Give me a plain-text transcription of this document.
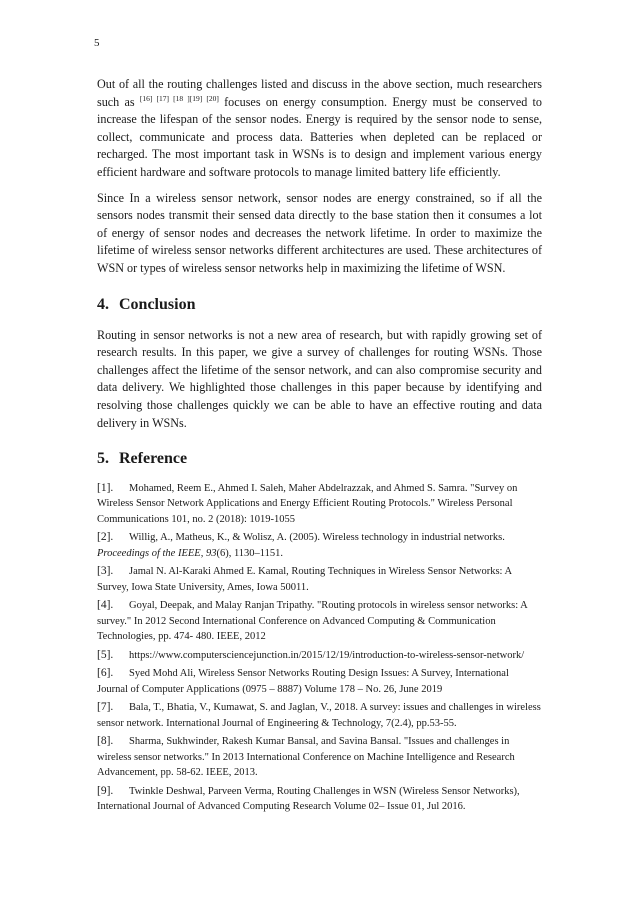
5

Out of all the routing challenges listed and discuss in the above section, much researchers such as [16] [17] [18 ][19] [20] focuses on energy consumption. Energy must be conserved to increase the lifespan of the sensor nodes. Energy is required by the sensor node to sense, collect, communicate and process data. Batteries when depleted can be replaced or recharged. The most important task in WSNs is to design and implement various energy efficient hardware and software protocols to manage limited battery life efficiently.

Since In a wireless sensor network, sensor nodes are energy constrained, so if all the sensors nodes transmit their sensed data directly to the base station then it consumes a lot of energy of sensor nodes and decreases the network lifetime. In order to maximize the lifetime of wireless sensor networks different architectures are used. These architectures of WSN or types of wireless sensor networks help in maximizing the lifetime of WSN.

4. Conclusion

Routing in sensor networks is not a new area of research, but with rapidly growing set of research results. In this paper, we give a survey of challenges for routing WSNs. Those challenges affect the lifetime of the sensor network, and can also compromise security and data delivery. We highlighted those challenges in this paper because by identifying and resolving those challenges quickly we can be able to have an effective routing and data delivery in WSNs.

5. Reference
[1]. Mohamed, Reem E., Ahmed I. Saleh, Maher Abdelrazzak, and Ahmed S. Samra. "Survey on Wireless Sensor Network Applications and Energy Efficient Routing Protocols." Wireless Personal Communications 101, no. 2 (2018): 1019-1055
[2]. Willig, A., Matheus, K., & Wolisz, A. (2005). Wireless technology in industrial networks. Proceedings of the IEEE, 93(6), 1130–1151.
[3]. Jamal N. Al-Karaki Ahmed E. Kamal, Routing Techniques in Wireless Sensor Networks: A Survey, Iowa State University, Ames, Iowa 50011.
[4]. Goyal, Deepak, and Malay Ranjan Tripathy. "Routing protocols in wireless sensor networks: A survey." In 2012 Second International Conference on Advanced Computing & Communication Technologies, pp. 474- 480. IEEE, 2012
[5]. https://www.computersciencejunction.in/2015/12/19/introduction-to-wireless-sensor-network/
[6]. Syed Mohd Ali, Wireless Sensor Networks Routing Design Issues: A Survey, International Journal of Computer Applications (0975 – 8887) Volume 178 – No. 26, June 2019
[7]. Bala, T., Bhatia, V., Kumawat, S. and Jaglan, V., 2018. A survey: issues and challenges in wireless sensor network. International Journal of Engineering & Technology, 7(2.4), pp.53-55.
[8]. Sharma, Sukhwinder, Rakesh Kumar Bansal, and Savina Bansal. "Issues and challenges in wireless sensor networks." In 2013 International Conference on Machine Intelligence and Research Advancement, pp. 58-62. IEEE, 2013.
[9]. Twinkle Deshwal, Parveen Verma, Routing Challenges in WSN (Wireless Sensor Networks), International Journal of Advanced Computing Research Volume 02– Issue 01, Jul 2016.
